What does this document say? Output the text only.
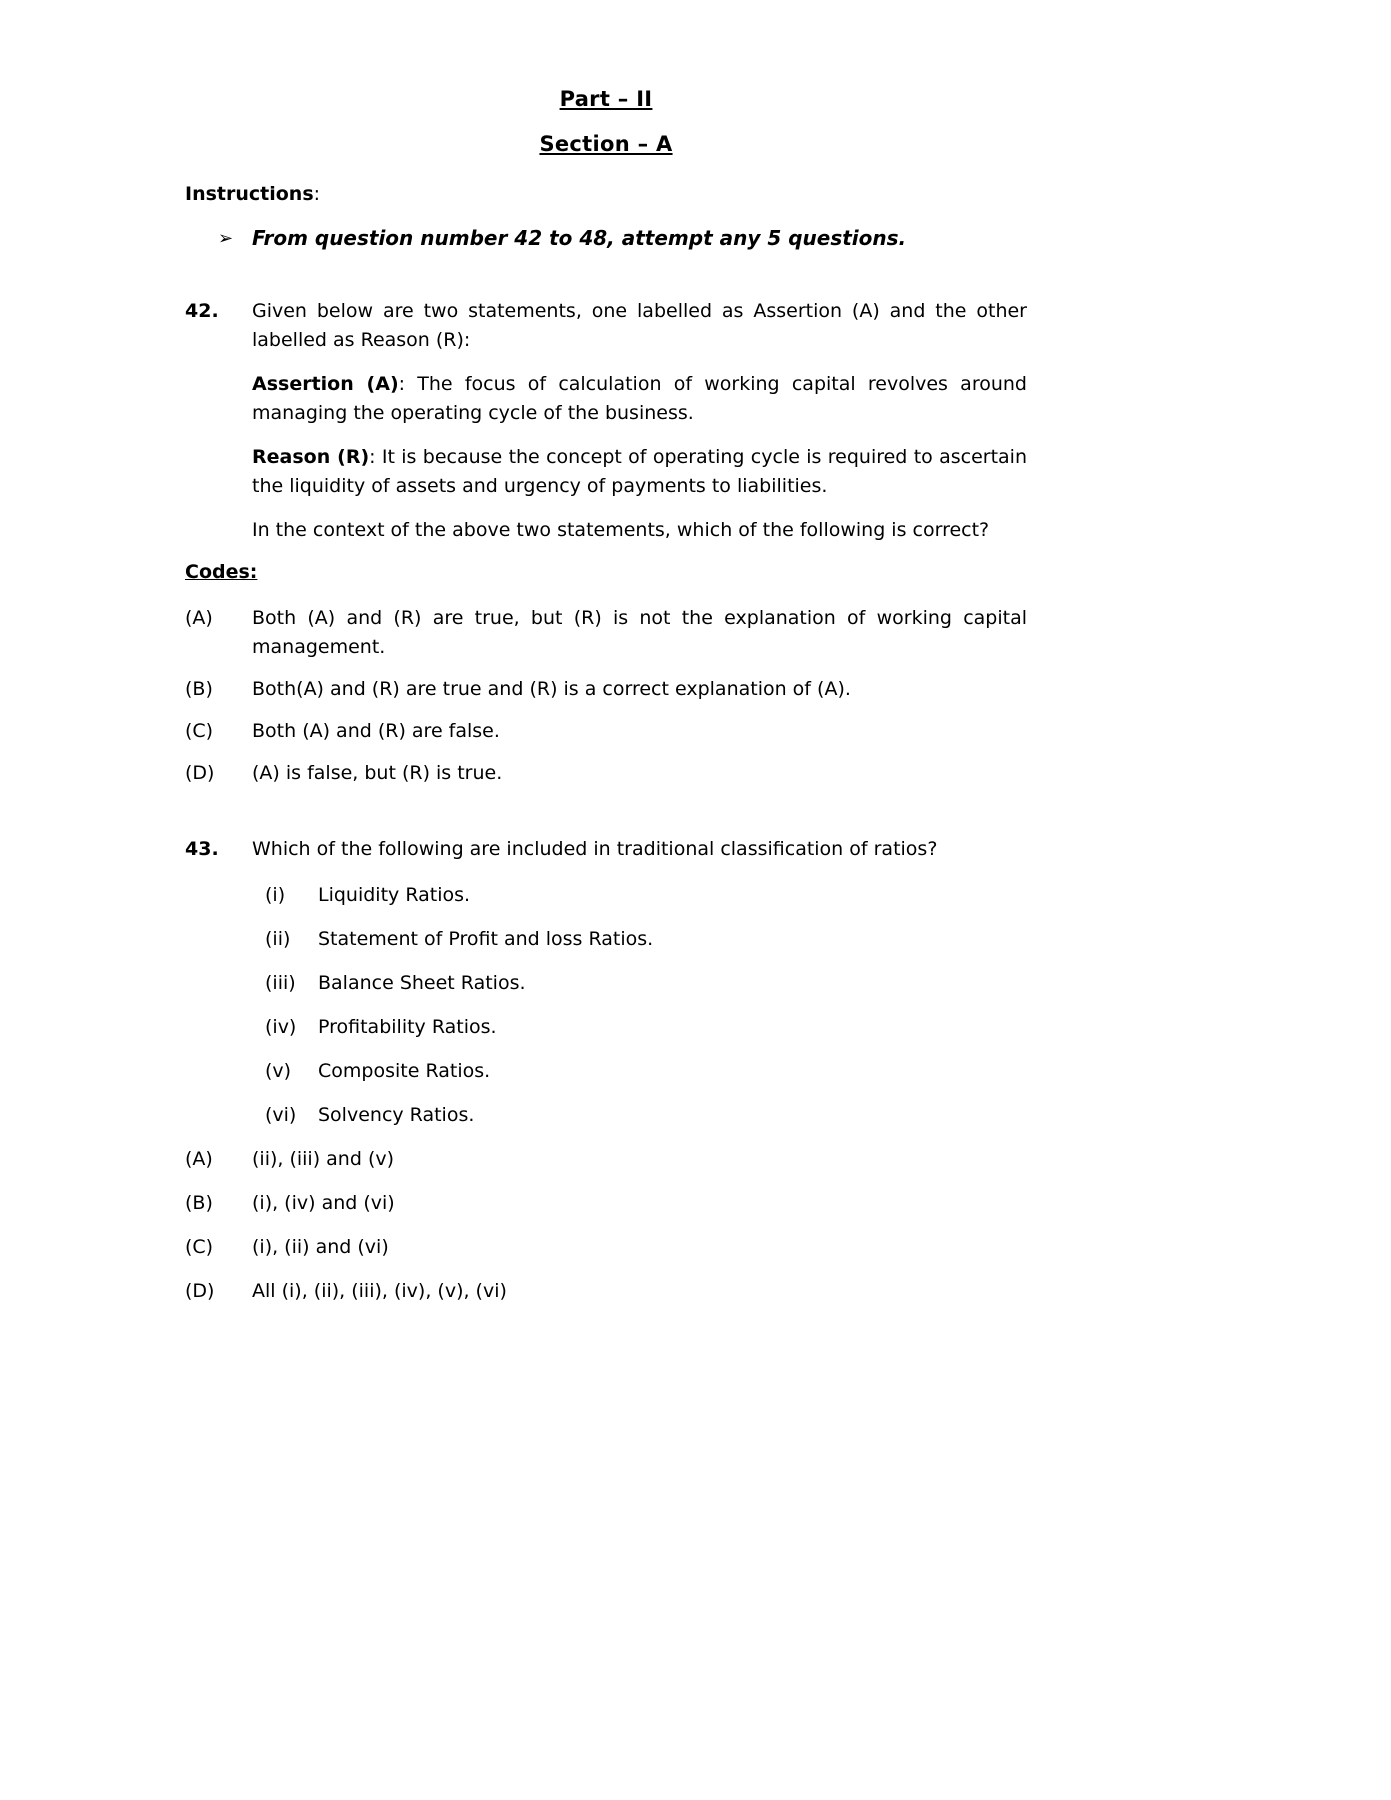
Part – II
Section – A
Instructions:
➢ From question number 42 to 48, attempt any 5 questions.
42.	Given below are two statements, one labelled as Assertion (A) and the other labelled as Reason (R):

Assertion (A): The focus of calculation of working capital revolves around managing the operating cycle of the business.

Reason (R): It is because the concept of operating cycle is required to ascertain the liquidity of assets and urgency of payments to liabilities.

In the context of the above two statements, which of the following is correct?

Codes:
(A)	Both (A) and (R) are true, but (R) is not the explanation of working capital management.
(B)	Both(A) and (R) are true and (R) is a correct explanation of (A).
(C)	Both (A) and (R) are false.
(D)	(A) is false, but (R) is true.
43.	Which of the following are included in traditional classification of ratios?

(i)	Liquidity Ratios.
(ii)	Statement of Profit and loss Ratios.
(iii)	Balance Sheet Ratios.
(iv)	Profitability Ratios.
(v)	Composite Ratios.
(vi)	Solvency Ratios.
(A)	(ii), (iii) and (v)
(B)	(i), (iv) and (vi)
(C)	(i), (ii) and (vi)
(D)	All (i), (ii), (iii), (iv), (v), (vi)
